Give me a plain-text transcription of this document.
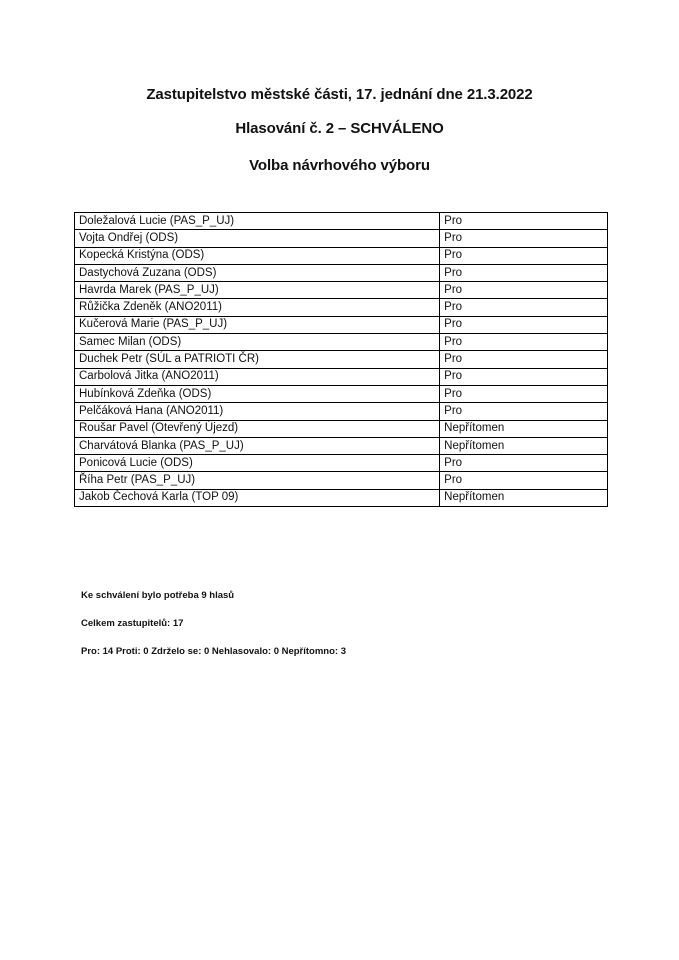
Zastupitelstvo městské části, 17. jednání dne 21.3.2022
Hlasování č. 2 – SCHVÁLENO
Volba návrhového výboru
Doležalová Lucie (PAS_P_UJ)	Pro
Vojta Ondřej (ODS)	Pro
Kopecká Kristýna (ODS)	Pro
Dastychová Zuzana (ODS)	Pro
Havrda Marek (PAS_P_UJ)	Pro
Růžička Zdeněk (ANO2011)	Pro
Kučerová Marie (PAS_P_UJ)	Pro
Samec Milan (ODS)	Pro
Duchek Petr (SÚL a PATRIOTI ČR)	Pro
Carbolová Jitka (ANO2011)	Pro
Hubínková Zdeňka (ODS)	Pro
Pelčáková Hana (ANO2011)	Pro
Roušar Pavel (Otevřený Újezd)	Nepřítomen
Charvátová Blanka (PAS_P_UJ)	Nepřítomen
Ponicová Lucie (ODS)	Pro
Říha Petr (PAS_P_UJ)	Pro
Jakob Čechová Karla (TOP 09)	Nepřítomen
Ke schválení bylo potřeba 9 hlasů
Celkem zastupitelů: 17
Pro: 14 Proti: 0 Zdrželo se: 0 Nehlasovalo: 0 Nepřítomno: 3
